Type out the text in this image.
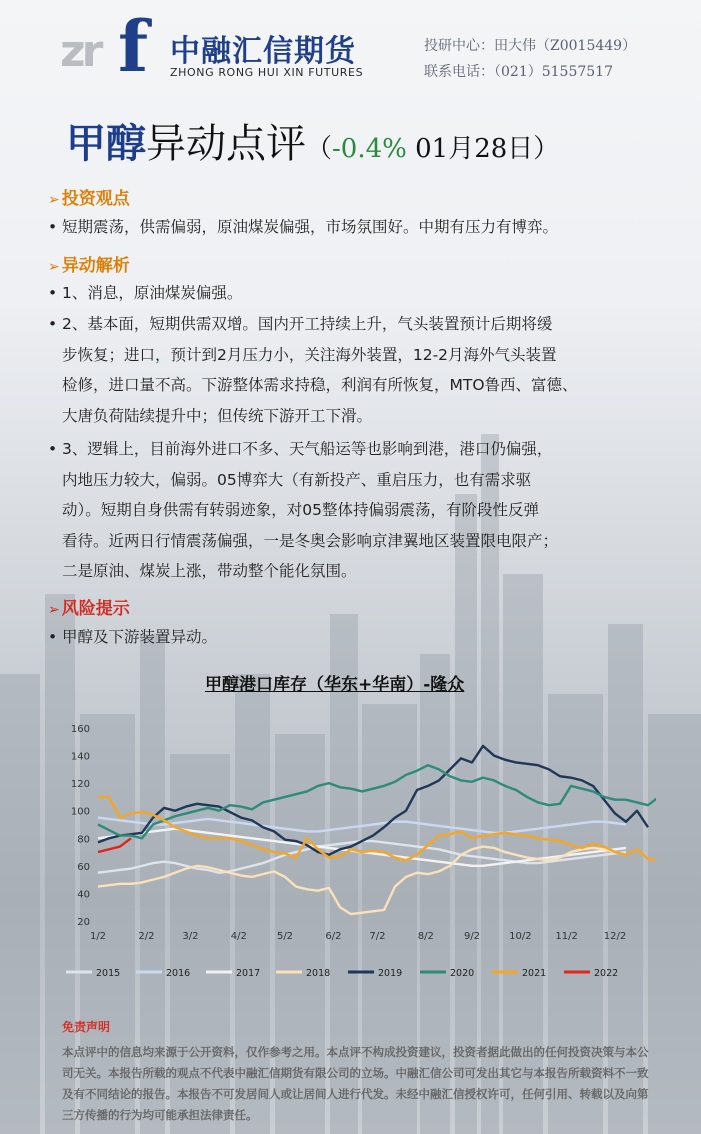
zr f 中融汇信期货
ZHONG RONG HUI XIN FUTURES
投研中心：田大伟（Z0015449）
联系电话：（021）51557517
甲醇异动点评（-0.4% 01月28日）
➢ 投资观点
• 短期震荡，供需偏弱，原油煤炭偏强，市场氛围好。中期有压力有博弈。
➢ 异动解析
• 1、消息，原油煤炭偏强。
• 2、基本面，短期供需双增。国内开工持续上升，气头装置预计后期将缓
步恢复；进口，预计到2月压力小，关注海外装置，12-2月海外气头装置
检修，进口量不高。下游整体需求持稳，利润有所恢复，MTO鲁西、富德、
大唐负荷陆续提升中；但传统下游开工下滑。
• 3、逻辑上，目前海外进口不多、天气船运等也影响到港，港口仍偏强，
内地压力较大，偏弱。05博弈大（有新投产、重启压力，也有需求驱
动）。短期自身供需有转弱迹象，对05整体持偏弱震荡，有阶段性反弹
看待。近两日行情震荡偏强，一是冬奥会影响京津翼地区装置限电限产；
二是原油、煤炭上涨，带动整个能化氛围。
➢ 风险提示
• 甲醇及下游装置异动。
甲醇港口库存（华东+华南）-隆众
20
40
60
80
100
120
140
160
1/2	2/2	3/2	4/2	5/2	6/2	7/2	8/2	9/2	10/2 11/2	12/2
2015	2016	2017	2018	2019	2020	2021	2022
免责声明
本点评中的信息均来源于公开资料，仅作参考之用。本点评不构成投资建议，投资者据此做出的任何投资决策与本公司无关。本报告所载的观点不代表中融汇信期货有限公司的立场。中融汇信公司可发出其它与本报告所载资料不一致及有不同结论的报告。本报告不可发居间人或让居间人进行代发。未经中融汇信授权许可，任何引用、转载以及向第三方传播的行为均可能承担法律责任。
